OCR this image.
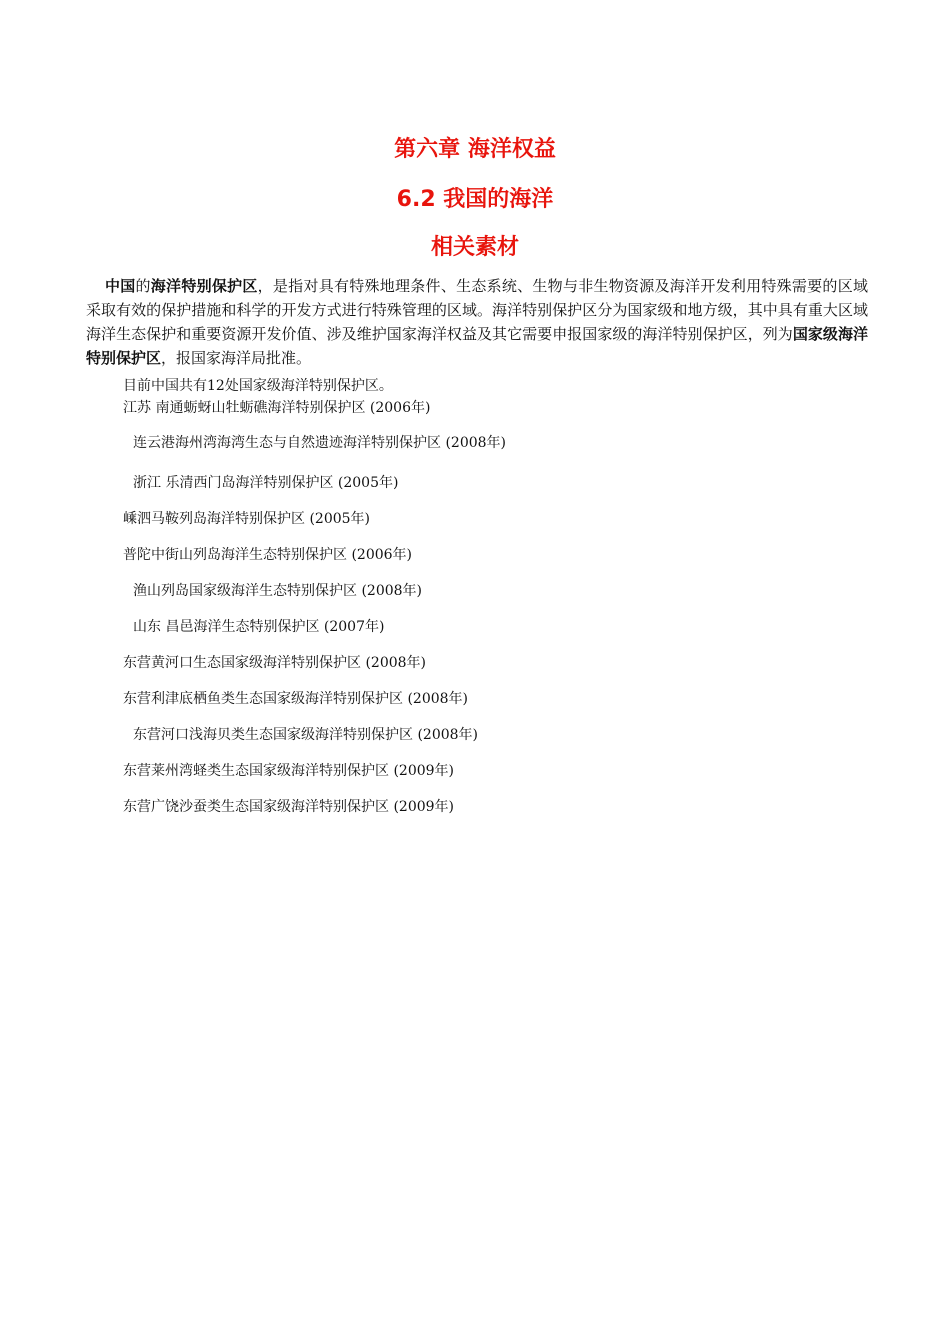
第六章 海洋权益
6.2 我国的海洋
相关素材

中国的海洋特别保护区，是指对具有特殊地理条件、生态系统、生物与非生物资源及海洋开发利用特殊需要的区域采取有效的保护措施和科学的开发方式进行特殊管理的区域。海洋特别保护区分为国家级和地方级，其中具有重大区域海洋生态保护和重要资源开发价值、涉及维护国家海洋权益及其它需要申报国家级的海洋特别保护区，列为国家级海洋特别保护区，报国家海洋局批准。

目前中国共有12处国家级海洋特别保护区。

江苏 南通蛎蚜山牡蛎礁海洋特别保护区 (2006年)

连云港海州湾海湾生态与自然遗迹海洋特别保护区 (2008年)

浙江 乐清西门岛海洋特别保护区 (2005年)

嵊泗马鞍列岛海洋特别保护区 (2005年)

普陀中街山列岛海洋生态特别保护区 (2006年)

渔山列岛国家级海洋生态特别保护区 (2008年)

山东 昌邑海洋生态特别保护区 (2007年)

东营黄河口生态国家级海洋特别保护区 (2008年)

东营利津底栖鱼类生态国家级海洋特别保护区 (2008年)

东营河口浅海贝类生态国家级海洋特别保护区 (2008年)

东营莱州湾蛏类生态国家级海洋特别保护区 (2009年)

东营广饶沙蚕类生态国家级海洋特别保护区 (2009年)
